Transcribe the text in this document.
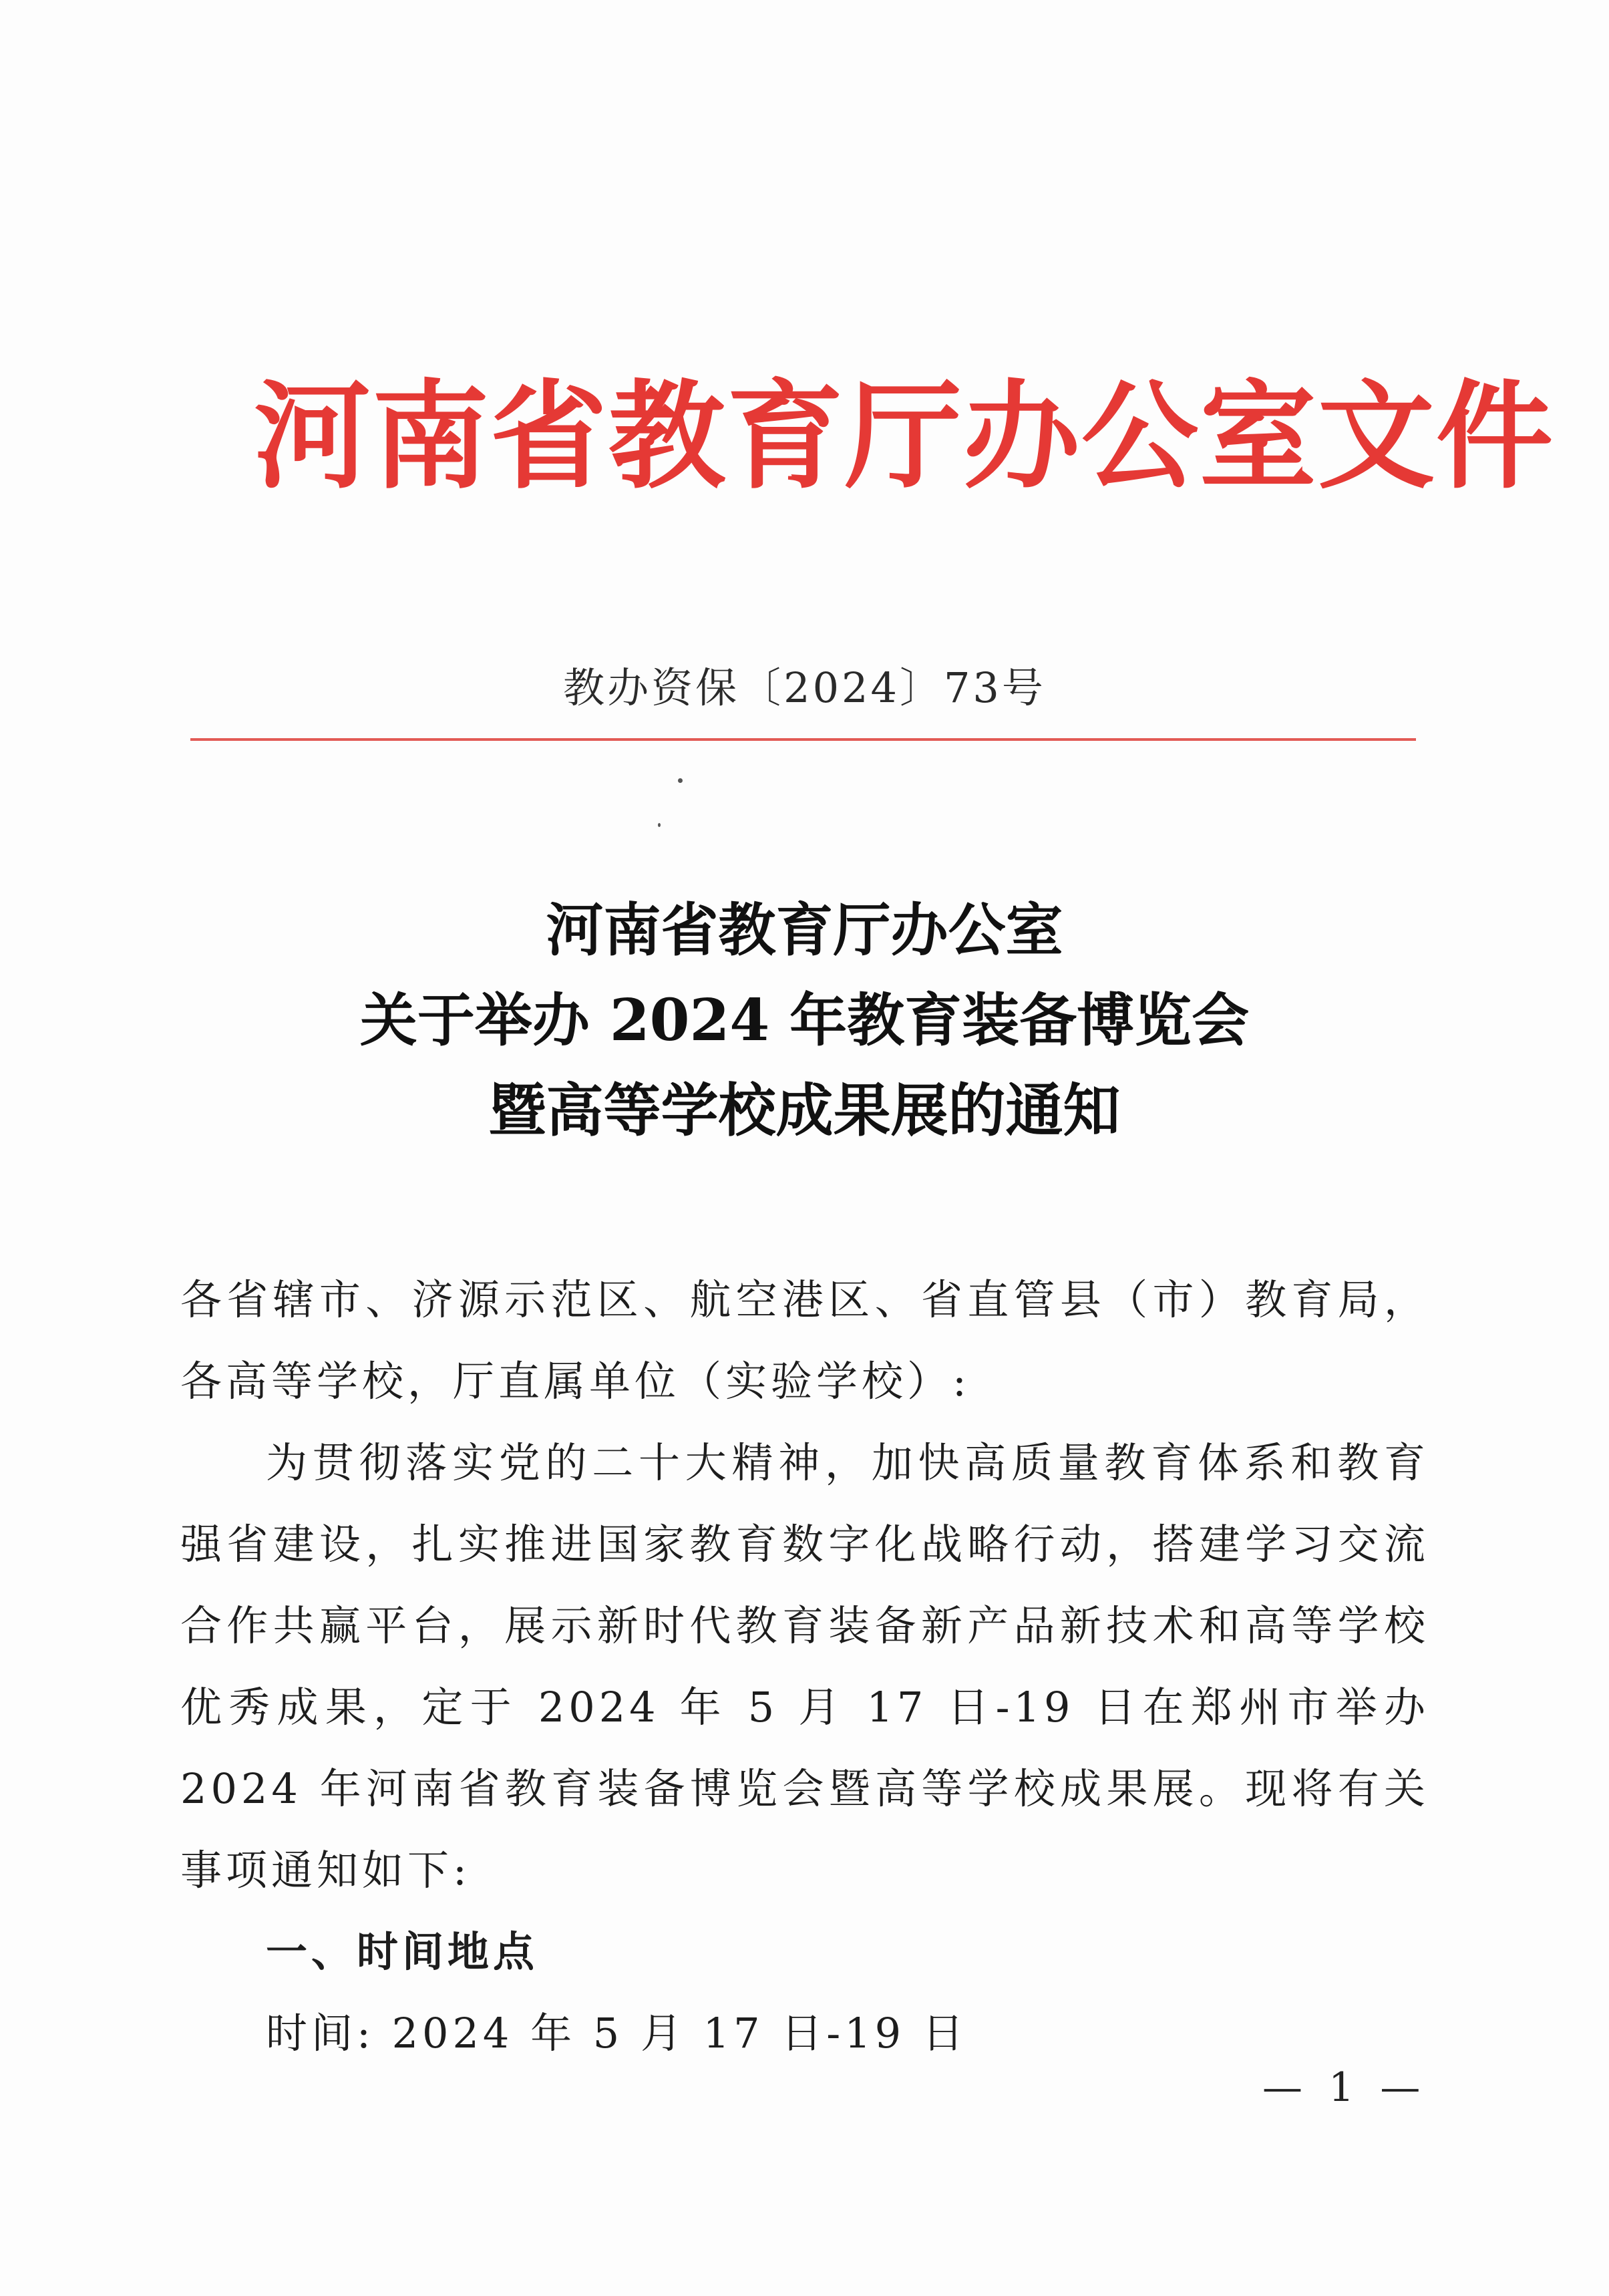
河南省教育厅办公室文件
教办资保〔2024〕73号
河南省教育厅办公室
关于举办 2024 年教育装备博览会
暨高等学校成果展的通知

各省辖市、济源示范区、航空港区、省直管县（市）教育局，各高等学校，厅直属单位（实验学校）:

为贯彻落实党的二十大精神，加快高质量教育体系和教育强省建设，扎实推进国家教育数字化战略行动，搭建学习交流合作共赢平台，展示新时代教育装备新产品新技术和高等学校优秀成果，定于 2024 年 5 月 17 日-19 日在郑州市举办 2024 年河南省教育装备博览会暨高等学校成果展。现将有关事项通知如下:

一、时间地点

时间: 2024 年 5 月 17 日-19 日

— 1 —
